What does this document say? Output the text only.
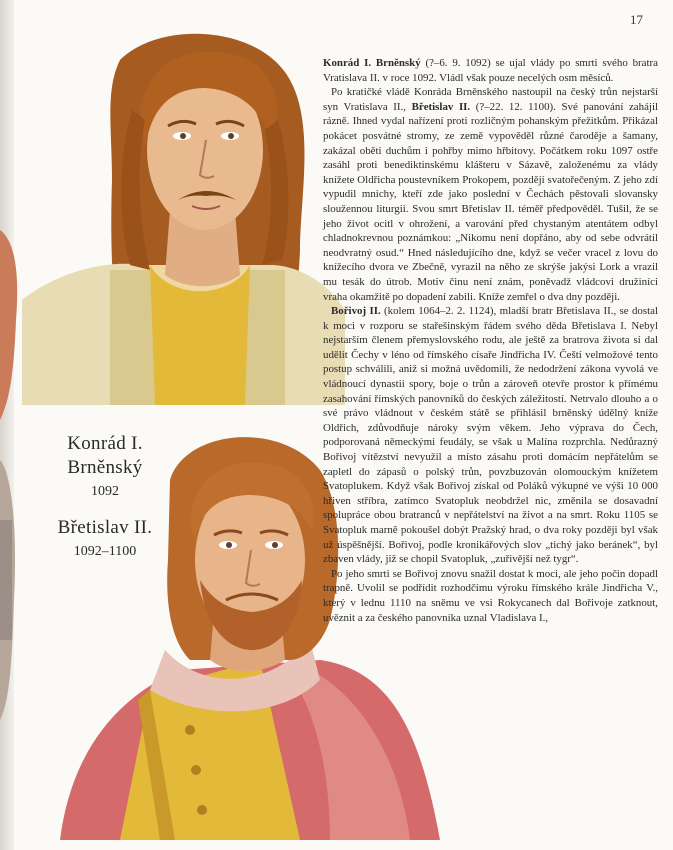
17
Konrád I.
Brněnský
1092
Břetislav II.
1092–1100

Konrád I. Brněnský (?–6. 9. 1092) se ujal vlády po smrti svého bratra Vratislava II. v roce 1092. Vládl však pouze necelých osm měsíců.

Po kratičké vládě Konráda Brněnského nastoupil na český trůn nejstarší syn Vratislava II., Břetislav II. (?–22. 12. 1100). Své panování zahájil rázně. Ihned vydal nařízení proti rozličným pohanským přežitkům. Přikázal pokácet posvátné stromy, ze země vypověděl různé čaroděje a šamany, zakázal oběti duchům i pohřby mimo hřbitovy. Počátkem roku 1097 ostře zasáhl proti benediktinskému klášteru v Sázavě, založenému za vlády knížete Oldřicha poustevníkem Prokopem, později svatořečeným. Z jeho zdí vypudil mnichy, kteří zde jako poslední v Čechách pěstovali slovansky sloužennou liturgii. Svou smrt Břetislav II. téměř předpověděl. Tušil, že se jeho život ocitl v ohrožení, a varování před chystaným atentátem odbyl chladnokrevnou poznámkou: „Nikomu není dopřáno, aby od sebe odvrátil neodvratný osud.“ Hned následujícího dne, když se večer vracel z lovu do knížecího dvora ve Zbečně, vyrazil na něho ze skrýše jakýsi Lork a vrazil mu tesák do útrob. Motiv činu není znám, poněvadž vládcovi družiníci vraha okamžitě po dopadení zabili. Kníže zemřel o dva dny později.

Bořivoj II. (kolem 1064–2. 2. 1124), mladší bratr Břetislava II., se dostal k moci v rozporu se stařešinským řádem svého děda Břetislava I. Nebyl nejstarším členem přemyslovského rodu, ale ještě za bratrova života si dal udělit Čechy v léno od římského císaře Jindřicha IV. Čeští velmožové tento postup schválili, aniž si možná uvědomili, že nedodržení zákona vyvolá ve vládnoucí dynastii spory, boje o trůn a zároveň otevře prostor k přímému zasahování římských panovníků do českých záležitostí. Netrvalo dlouho a o své právo vládnout v českém státě se přihlásil brněnský údělný kníže Oldřich, zdůvodňuje nároky svým věkem. Jeho výprava do Čech, podporovaná německými feudály, se však u Malína rozprchla. Nedůrazný Bořivoj vítězství nevyužil a místo zásahu proti domácím nepřátelům se zapletl do zápasů o polský trůn, povzbuzován olomouckým knížetem Svatoplukem. Když však Bořivoj získal od Poláků výkupné ve výši 10 000 hřiven stříbra, zatímco Svatopluk neobdržel nic, změnila se dosavadní spolupráce obou bratranců v nepřátelství na život a na smrt. Roku 1105 se Svatopluk marně pokoušel dobýt Pražský hrad, o dva roky později byl však už úspěšnější. Bořivoj, podle kronikářových slov „tichý jako beránek“, byl zbaven vlády, již se chopil Svatopluk, „zuřivější než tygr“.

Po jeho smrti se Bořivoj znovu snažil dostat k moci, ale jeho počin dopadl trapně. Uvolil se podřídit rozhodčímu výroku římského krále Jindřicha V., který v lednu 1110 na sněmu ve vsi Rokycanech dal Bořivoje zatknout, uvěznit a za českého panovníka uznal Vladislava I.,
